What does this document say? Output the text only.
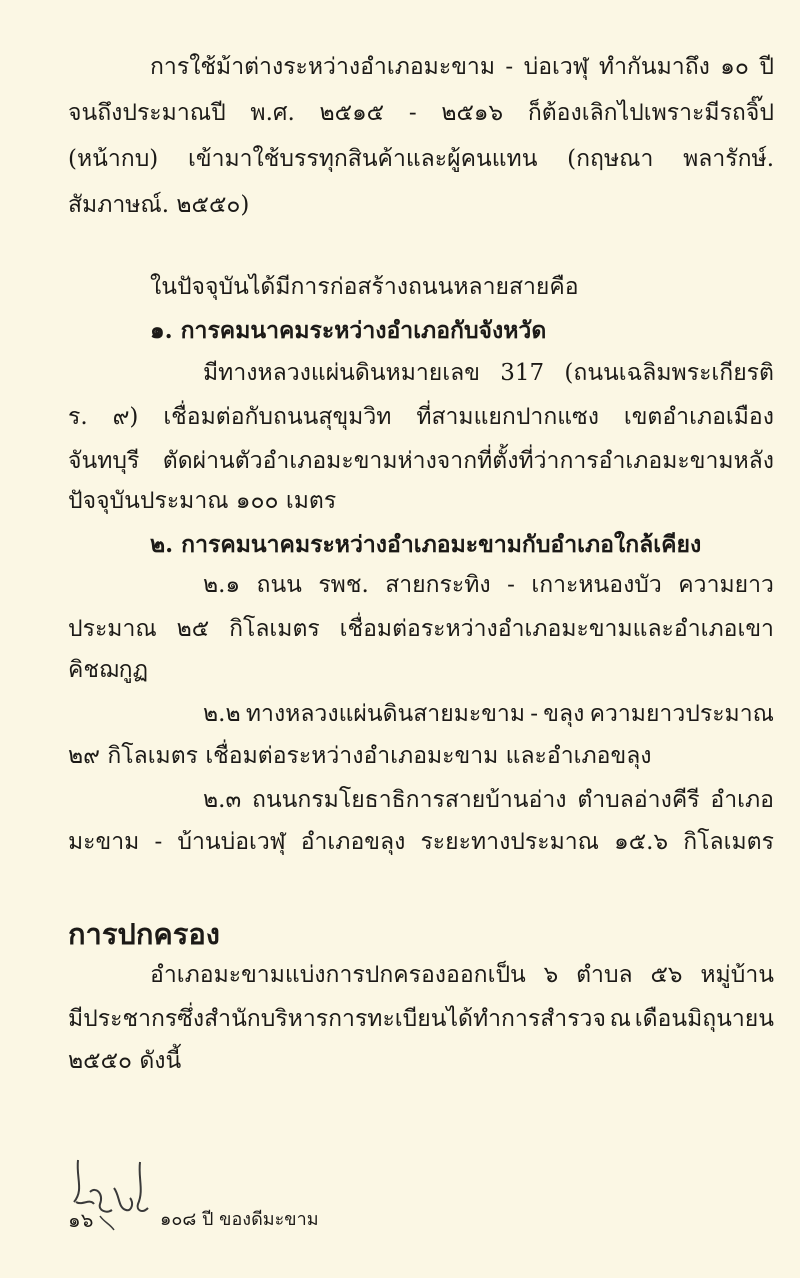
การใช้ม้าต่างระหว่างอำเภอมะขาม - บ่อเวฬุ ทำกันมาถึง ๑๐ ปี
จนถึงประมาณปี พ.ศ. ๒๕๑๕ - ๒๕๑๖ ก็ต้องเลิกไปเพราะมีรถจิ๊ป
(หน้ากบ) เข้ามาใช้บรรทุกสินค้าและผู้คนแทน (กฤษณา พลารักษ์.
สัมภาษณ์. ๒๕๕๐)
ในปัจจุบันได้มีการก่อสร้างถนนหลายสายคือ
๑. การคมนาคมระหว่างอำเภอกับจังหวัด
มีทางหลวงแผ่นดินหมายเลข 317 (ถนนเฉลิมพระเกียรติ
ร. ๙) เชื่อมต่อกับถนนสุขุมวิท ที่สามแยกปากแซง เขตอำเภอเมือง
จันทบุรี ตัดผ่านตัวอำเภอมะขามห่างจากที่ตั้งที่ว่าการอำเภอมะขามหลัง
ปัจจุบันประมาณ ๑๐๐ เมตร
๒. การคมนาคมระหว่างอำเภอมะขามกับอำเภอใกล้เคียง
๒.๑ ถนน รพช. สายกระทิง - เกาะหนองบัว ความยาว
ประมาณ ๒๕ กิโลเมตร เชื่อมต่อระหว่างอำเภอมะขามและอำเภอเขา
คิชฌกูฏ
๒.๒ ทางหลวงแผ่นดินสายมะขาม - ขลุง ความยาวประมาณ
๒๙ กิโลเมตร เชื่อมต่อระหว่างอำเภอมะขาม และอำเภอขลุง
๒.๓ ถนนกรมโยธาธิการสายบ้านอ่าง ตำบลอ่างคีรี อำเภอ
มะขาม - บ้านบ่อเวฬุ อำเภอขลุง ระยะทางประมาณ ๑๕.๖ กิโลเมตร
การปกครอง
อำเภอมะขามแบ่งการปกครองออกเป็น ๖ ตำบล ๕๖ หมู่บ้าน
มีประชากรซึ่งสำนักบริหารการทะเบียนได้ทำการสำรวจ ณ เดือนมิถุนายน
๒๕๕๐ ดังนี้
๑๖	๑๐๘ ปี ของดีมะขาม
